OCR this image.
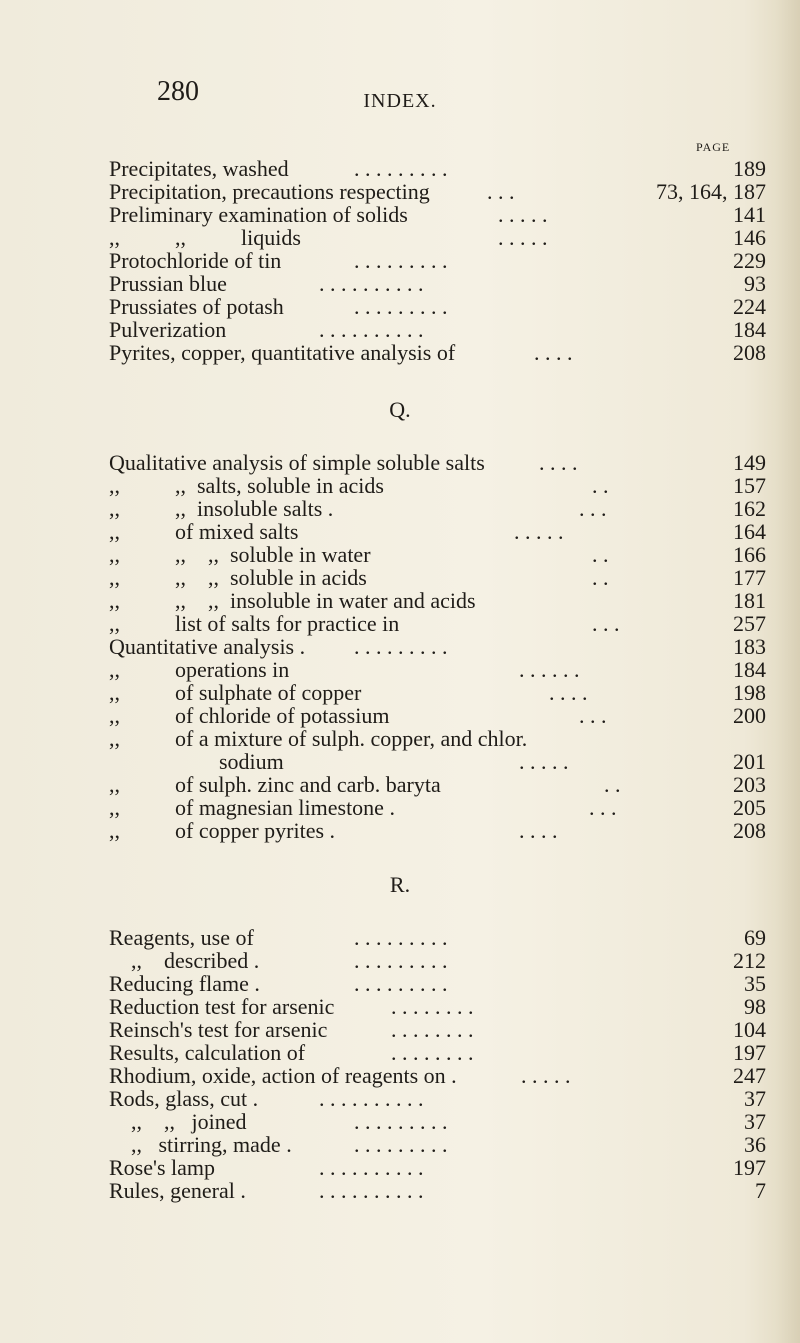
280	INDEX.
PAGE
Precipitates, washed	. . . . . . . . .	189
Precipitation, precautions respecting	. . .	73, 164, 187
Preliminary examination of solids	. . . . .	141
,,          ,,          liquids	. . . . .	146
Protochloride of tin	. . . . . . . . .	229
Prussian blue	. . . . . . . . . .	93
Prussiates of potash	. . . . . . . . .	224
Pulverization	. . . . . . . . . .	184
Pyrites, copper, quantitative analysis of	. . . .	208
Q.
Qualitative analysis of simple soluble salts . . . .	149
,,          ,,  salts, soluble in acids	. .	157
,,          ,,  insoluble salts .	. . .	162
,,          of mixed salts	. . . . .	164
,,          ,,    ,,  soluble in water	. .	166
,,          ,,    ,,  soluble in acids	. .	177
,,          ,,    ,,  insoluble in water and acids	181
,,          list of salts for practice in	. . .	257
Quantitative analysis . . . . . . . . . .	183
,,          operations in	. . . . . .	184
,,          of sulphate of copper	. . . .	198
,,          of chloride of potassium	. . .	200
,,          of a mixture of sulph. copper, and chlor.
sodium	. . . . .	201
,,          of sulph. zinc and carb. baryta	. .	203
,,          of magnesian limestone .	. . .	205
,,          of copper pyrites .	. . . .	208
R.
Reagents, use of	. . . . . . . . .	69
,,    described .	. . . . . . . . .	212
Reducing flame .	. . . . . . . . .	35
Reduction test for arsenic	. . . . . . . .	98
Reinsch's test for arsenic	. . . . . . . .	104
Results, calculation of	. . . . . . . .	197
Rhodium, oxide, action of reagents on .	. . . . .	247
Rods, glass, cut .	. . . . . . . . . .	37
,,    ,,   joined	. . . . . . . . .	37
,,   stirring, made .	. . . . . . . . .	36
Rose's lamp	. . . . . . . . . .	197
Rules, general .	. . . . . . . . . .	7
